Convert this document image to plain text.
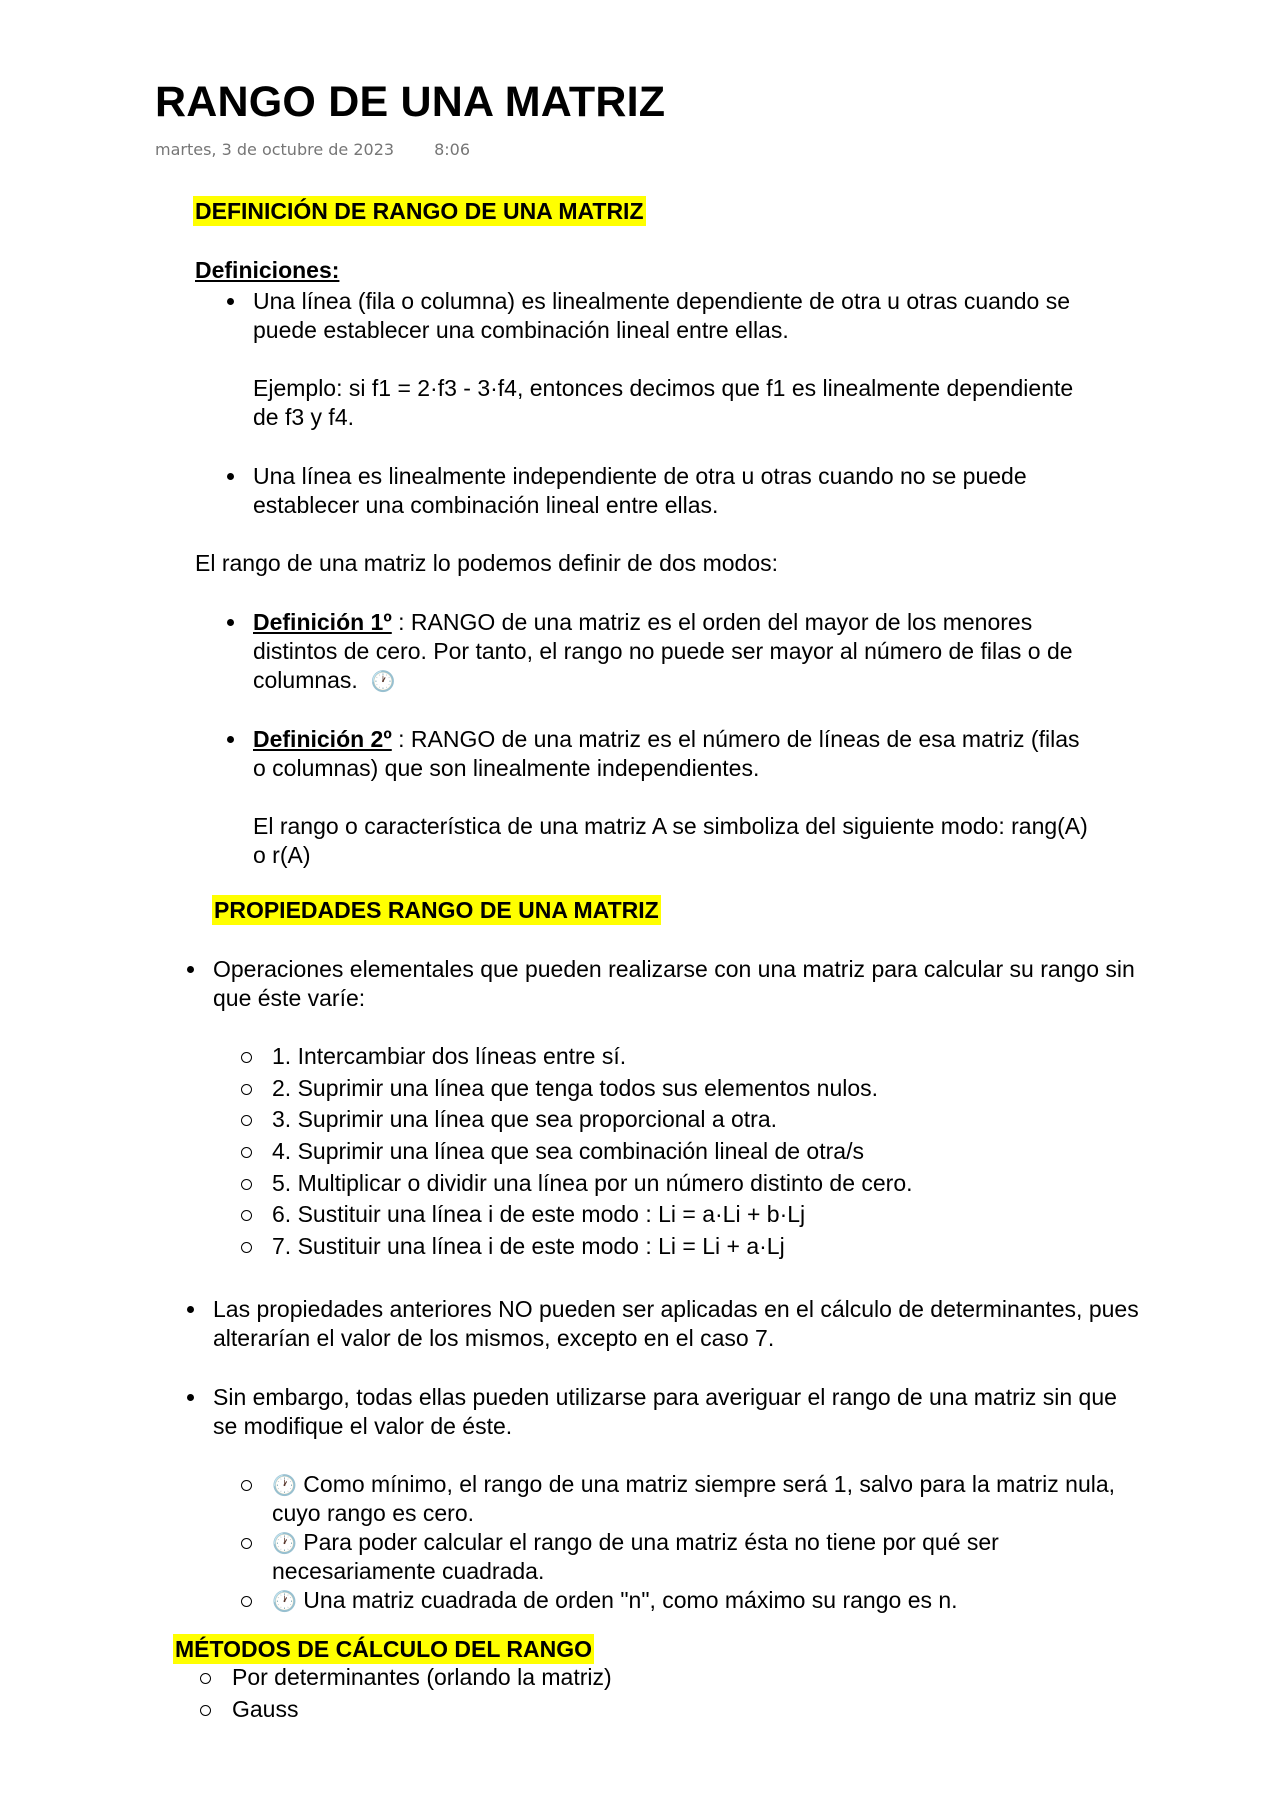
RANGO DE UNA MATRIZ
martes, 3 de octubre de 2023	8:06
DEFINICIÓN DE RANGO DE UNA MATRIZ
Definiciones:
Una línea (fila o columna) es linealmente dependiente de otra u otras cuando se
puede establecer una combinación lineal entre ellas.
Ejemplo: si f1 = 2·f3 - 3·f4, entonces decimos que f1 es linealmente dependiente
de f3 y f4.
Una línea es linealmente independiente de otra u otras cuando no se puede
establecer una combinación lineal entre ellas.
El rango de una matriz lo podemos definir de dos modos:
Definición 1º : RANGO de una matriz es el orden del mayor de los menores
distintos de cero. Por tanto, el rango no puede ser mayor al número de filas o de
columnas. 🕐
Definición 2º : RANGO de una matriz es el número de líneas de esa matriz (filas
o columnas) que son linealmente independientes.
El rango o característica de una matriz A se simboliza del siguiente modo: rang(A)
o r(A)
PROPIEDADES RANGO DE UNA MATRIZ
Operaciones elementales que pueden realizarse con una matriz para calcular su rango sin
que éste varíe:
1. Intercambiar dos líneas entre sí.
2. Suprimir una línea que tenga todos sus elementos nulos.
3. Suprimir una línea que sea proporcional a otra.
4. Suprimir una línea que sea combinación lineal de otra/s
5. Multiplicar o dividir una línea por un número distinto de cero.
6. Sustituir una línea i de este modo : Li = a·Li + b·Lj
7. Sustituir una línea i de este modo : Li = Li + a·Lj
Las propiedades anteriores NO pueden ser aplicadas en el cálculo de determinantes, pues
alterarían el valor de los mismos, excepto en el caso 7.
Sin embargo, todas ellas pueden utilizarse para averiguar el rango de una matriz sin que
se modifique el valor de éste.
🕐 Como mínimo, el rango de una matriz siempre será 1, salvo para la matriz nula,
cuyo rango es cero.
🕐 Para poder calcular el rango de una matriz ésta no tiene por qué ser
necesariamente cuadrada.
🕐 Una matriz cuadrada de orden "n", como máximo su rango es n.
MÉTODOS DE CÁLCULO DEL RANGO
Por determinantes (orlando la matriz)
Gauss
